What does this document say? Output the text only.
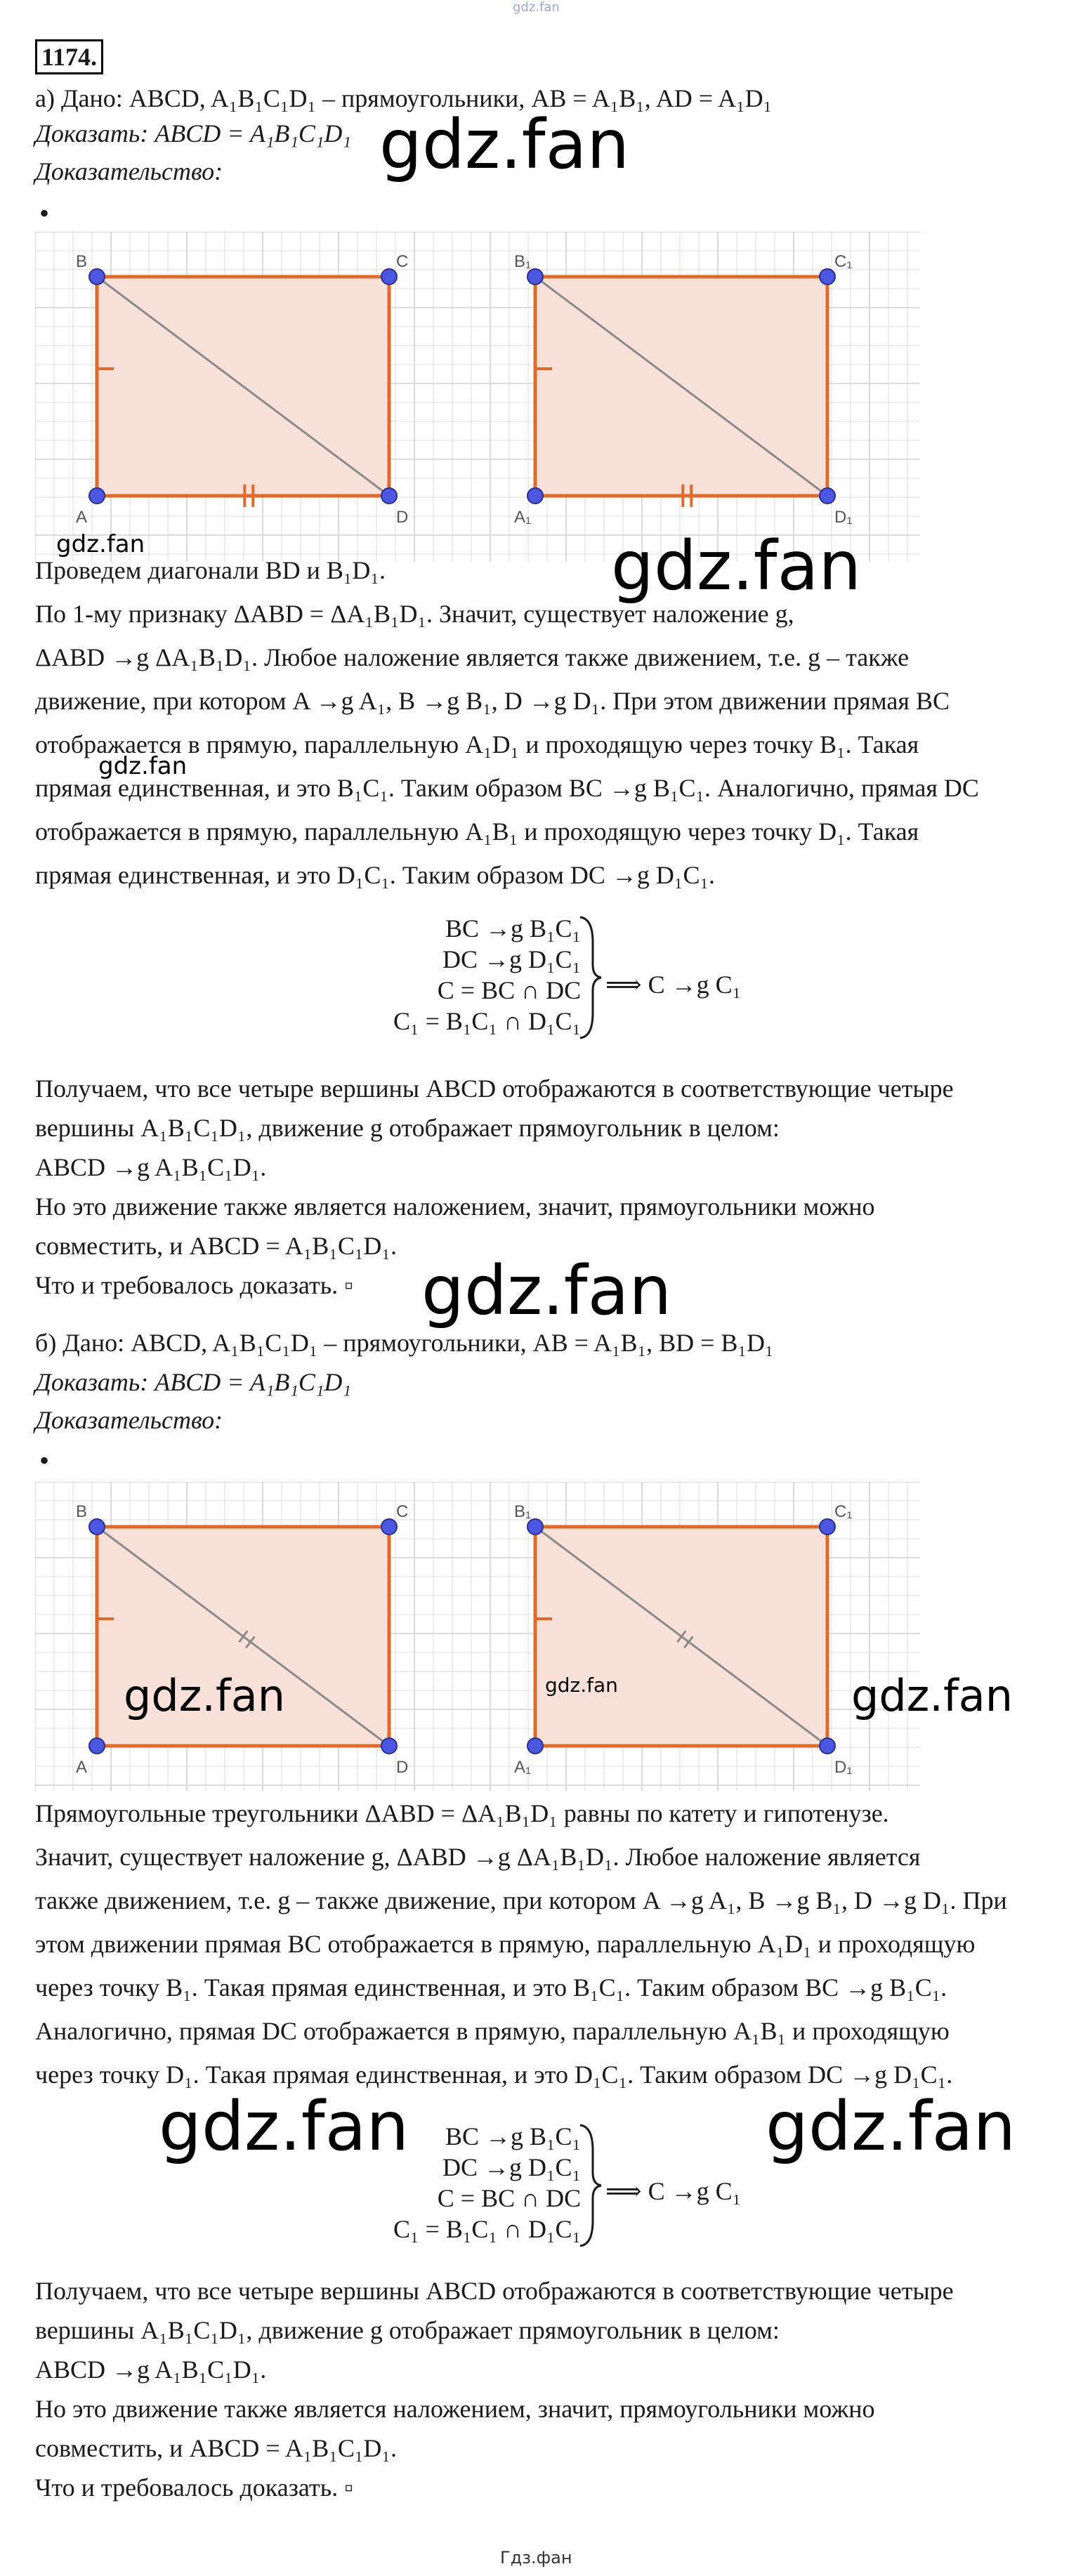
gdz.fan
Гдз.фан
1174.
а) Дано: ABCD, A₁B₁C₁D₁ – прямоугольники, AB = A₁B₁, AD = A₁D₁
Доказать: ABCD = A₁B₁C₁D₁
Доказательство:
•
gdz.fan
B	C
A	D
B₁	C₁
A₁	D₁
gdz.fan	gdz.fan
Проведем диагонали BD и B₁D₁.
По 1-му признаку ΔABD = ΔA₁B₁D₁. Значит, существует наложение g,
ΔABD →g ΔA₁B₁D₁. Любое наложение является также движением, т.е. g – также
движение, при котором A →g A₁, B →g B₁, D →g D₁. При этом движении прямая BC
отображается в прямую, параллельную A₁D₁ и проходящую через точку B₁. Такая
прямая единственная, и это B₁C₁. Таким образом BC →g B₁C₁. Аналогично, прямая DC
отображается в прямую, параллельную A₁B₁ и проходящую через точку D₁. Такая
прямая единственная, и это D₁C₁. Таким образом DC →g D₁C₁.
gdz.fan
BC →g B₁C₁
DC →g D₁C₁
C = BC ∩ DC
C₁ = B₁C₁ ∩ D₁C₁
⟹ C →g C₁
Получаем, что все четыре вершины ABCD отображаются в соответствующие четыре
вершины A₁B₁C₁D₁, движение g отображает прямоугольник в целом:
ABCD →g A₁B₁C₁D₁.
Но это движение также является наложением, значит, прямоугольники можно
совместить, и ABCD = A₁B₁C₁D₁.
Что и требовалось доказать. ▫ gdz.fan
б) Дано: ABCD, A₁B₁C₁D₁ – прямоугольники, AB = A₁B₁, BD = B₁D₁
Доказать: ABCD = A₁B₁C₁D₁
Доказательство:
•
B	C
A	D
B₁	C₁
A₁	D₁
gdz.fan	gdz.fan	gdz.fan
Прямоугольные треугольники ΔABD = ΔA₁B₁D₁ равны по катету и гипотенузе.
Значит, существует наложение g, ΔABD →g ΔA₁B₁D₁. Любое наложение является
также движением, т.е. g – также движение, при котором A →g A₁, B →g B₁, D →g D₁. При
этом движении прямая BC отображается в прямую, параллельную A₁D₁ и проходящую
через точку B₁. Такая прямая единственная, и это B₁C₁. Таким образом BC →g B₁C₁.
Аналогично, прямая DC отображается в прямую, параллельную A₁B₁ и проходящую
через точку D₁. Такая прямая единственная, и это D₁C₁. Таким образом DC →g D₁C₁.
BC →g B₁C₁
DC →g D₁C₁
C = BC ∩ DC
C₁ = B₁C₁ ∩ D₁C₁
⟹ C →g C₁
gdz.fan	gdz.fan
Получаем, что все четыре вершины ABCD отображаются в соответствующие четыре
вершины A₁B₁C₁D₁, движение g отображает прямоугольник в целом:
ABCD →g A₁B₁C₁D₁.
Но это движение также является наложением, значит, прямоугольники можно
совместить, и ABCD = A₁B₁C₁D₁.
Что и требовалось доказать. ▫
